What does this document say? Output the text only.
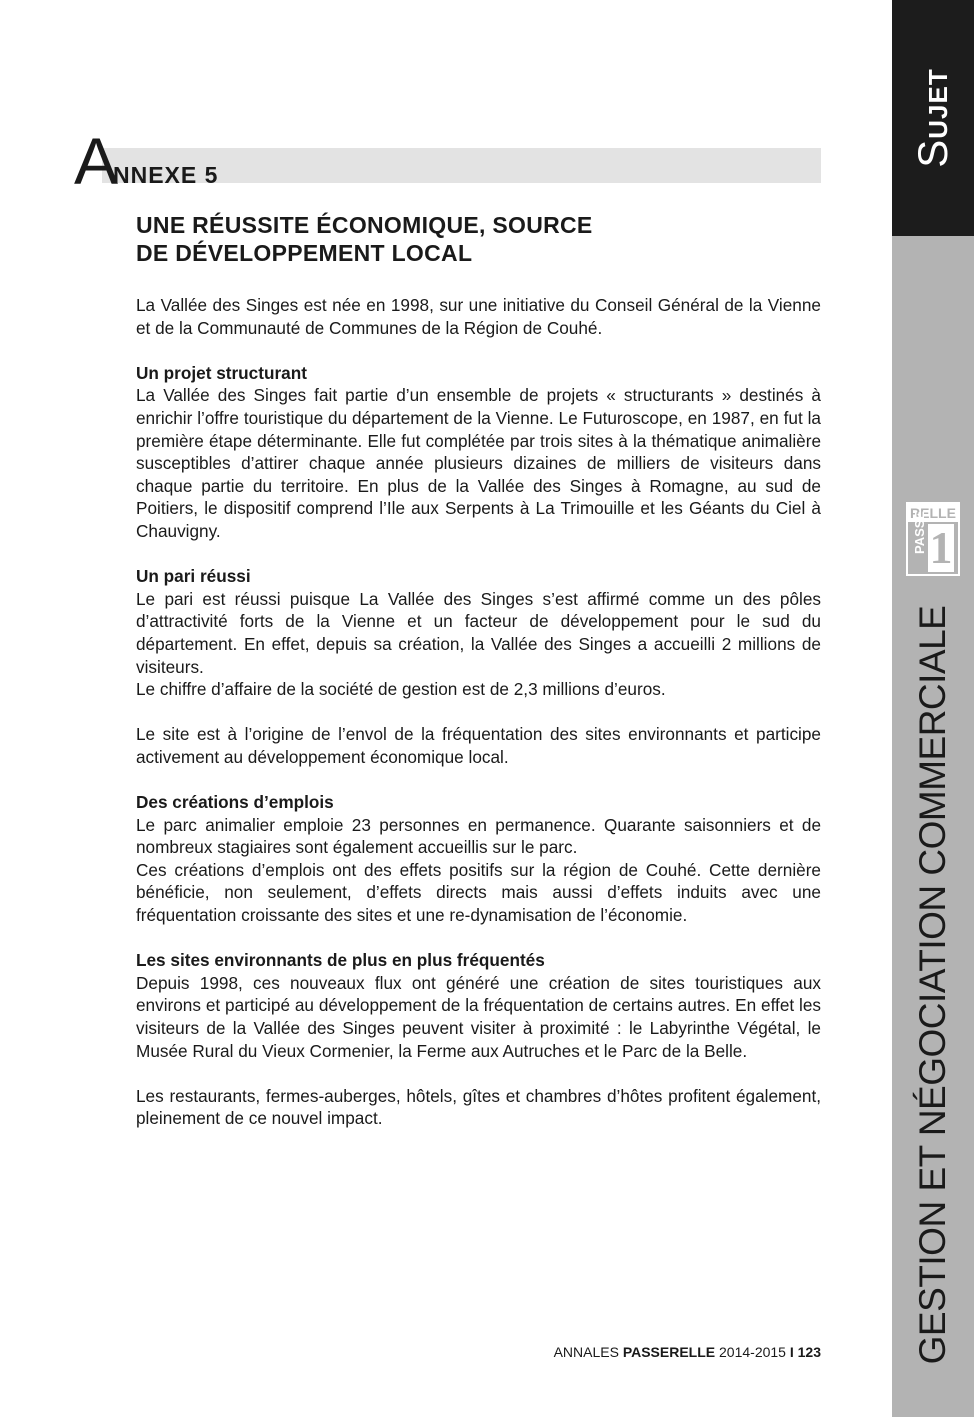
SUJET
RELLE
PASSE 1
GESTION ET NÉGOCIATION COMMERCIALE
A
NNEXE 5
UNE RÉUSSITE ÉCONOMIQUE, SOURCE
DE DÉVELOPPEMENT LOCAL

La Vallée des Singes est née en 1998, sur une initiative du Conseil Général de la Vienne et de la Communauté de Communes de la Région de Couhé.

Un projet structurant

La Vallée des Singes fait partie d’un ensemble de projets « structurants » destinés à enrichir l’offre touristique du département de la Vienne. Le Futuroscope, en 1987, en fut la première étape déterminante. Elle fut complétée par trois sites à la thématique animalière susceptibles d’attirer chaque année plusieurs dizaines de milliers de visiteurs dans chaque partie du territoire. En plus de la Vallée des Singes à Romagne, au sud de Poitiers, le dispositif comprend l’Ile aux Serpents à La Trimouille et les Géants du Ciel à Chauvigny.

Un pari réussi

Le pari est réussi puisque La Vallée des Singes s’est affirmé comme un des pôles d’attractivité forts de la Vienne et un facteur de développement pour le sud du département. En effet, depuis sa création, la Vallée des Singes a accueilli 2 millions de visiteurs.

Le chiffre d’affaire de la société de gestion est de 2,3 millions d’euros.

Le site est à l’origine de l’envol de la fréquentation des sites environnants et participe activement au développement économique local.

Des créations d’emplois

Le parc animalier emploie 23 personnes en permanence. Quarante saisonniers et de nombreux stagiaires sont également accueillis sur le parc.

Ces créations d’emplois ont des effets positifs sur la région de Couhé. Cette dernière bénéficie, non seulement, d’effets directs mais aussi d’effets induits avec une fréquentation croissante des sites et une re-dynamisation de l’économie.

Les sites environnants de plus en plus fréquentés

Depuis 1998, ces nouveaux flux ont généré une création de sites touristiques aux environs et participé au développement de la fréquentation de certains autres. En effet les visiteurs de la Vallée des Singes peuvent visiter à proximité : le Labyrinthe Végétal, le Musée Rural du Vieux Cormenier, la Ferme aux Autruches et le Parc de la Belle.

Les restaurants, fermes-auberges, hôtels, gîtes et chambres d’hôtes profitent également, pleinement de ce nouvel impact.

ANNALES PASSERELLE 2014-2015 I 123
